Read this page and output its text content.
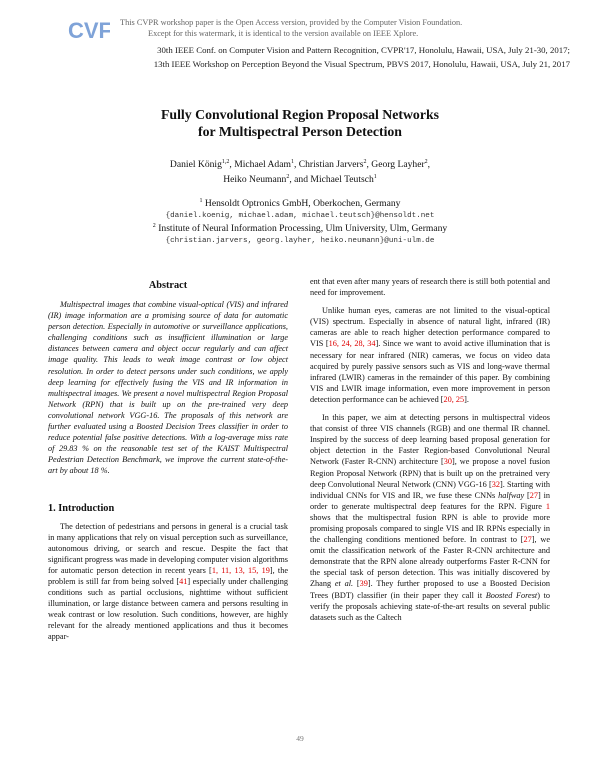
CVF This CVPR workshop paper is the Open Access version, provided by the Computer Vision Foundation.
Except for this watermark, it is identical to the version available on IEEE Xplore.
30th IEEE Conf. on Computer Vision and Pattern Recognition, CVPR'17, Honolulu, Hawaii, USA, July 21-30, 2017;
13th IEEE Workshop on Perception Beyond the Visual Spectrum, PBVS 2017, Honolulu, Hawaii, USA, July 21, 2017
Fully Convolutional Region Proposal Networks
for Multispectral Person Detection
Daniel König$^{1,2}$, Michael Adam$^1$, Christian Jarvers$^2$, Georg Layher$^2$,
Heiko Neumann$^2$, and Michael Teutsch$^1$
$^1$ Hensoldt Optronics GmbH, Oberkochen, Germany
{daniel.koenig, michael.adam, michael.teutsch}@hensoldt.net
$^2$ Institute of Neural Information Processing, Ulm University, Ulm, Germany
{christian.jarvers, georg.layher, heiko.neumann}@uni-ulm.de
Abstract

Multispectral images that combine visual-optical (VIS) and infrared (IR) image information are a promising source of data for automatic person detection. Especially in automotive or surveillance applications, challenging conditions such as insufficient illumination or large distances between camera and object occur regularly and can affect image quality. This leads to weak image contrast or low object resolution. In order to detect persons under such conditions, we apply deep learning for effectively fusing the VIS and IR information in multispectral images. We present a novel multispectral Region Proposal Network (RPN) that is built up on the pre-trained very deep convolutional network VGG-16. The proposals of this network are further evaluated using a Boosted Decision Trees classifier in order to reduce potential false positive detections. With a log-average miss rate of 29.83 % on the reasonable test set of the KAIST Multispectral Pedestrian Detection Benchmark, we improve the current state-of-the-art by about 18 %.

1. Introduction

The detection of pedestrians and persons in general is a crucial task in many applications that rely on visual perception such as surveillance, autonomous driving, or search and rescue. Despite the fact that significant progress was made in developing computer vision algorithms for automatic person detection in recent years [1, 11, 13, 15, 19], the problem is still far from being solved [41] especially under challenging conditions such as partial occlusions, nighttime without sufficient illumination, or large distance between camera and persons resulting in weak contrast or low resolution. Such conditions, however, are highly relevant for the already mentioned applications and thus it becomes appar-

ent that even after many years of research there is still both potential and need for improvement.

Unlike human eyes, cameras are not limited to the visual-optical (VIS) spectrum. Especially in absence of natural light, infrared (IR) cameras are able to reach higher detection performance compared to VIS [16, 24, 28, 34]. Since we want to avoid active illumination that is necessary for near infrared (NIR) cameras, we focus on video data acquired by purely passive sensors such as VIS and long-wave thermal infrared (LWIR) cameras in the remainder of this paper. By combining VIS and LWIR image information, even more improvement in person detection performance can be achieved [20, 25].

In this paper, we aim at detecting persons in multispectral videos that consist of three VIS channels (RGB) and one thermal IR channel. Inspired by the success of deep learning based proposal generation for object detection in the Faster Region-based Convolutional Neural Network (Faster R-CNN) architecture [30], we propose a novel fusion Region Proposal Network (RPN) that is built up on the pretrained very deep Convolutional Neural Network (CNN) VGG-16 [32]. Starting with individual CNNs for VIS and IR, we fuse these CNNs halfway [27] in order to generate multispectral deep features for the RPN. Figure 1 shows that the multispectral fusion RPN is able to provide more promising proposals compared to single VIS and IR RPNs especially in the challenging conditions mentioned before. In contrast to [27], we omit the classification network of the Faster R-CNN architecture and demonstrate that the RPN alone already outperforms Faster R-CNN for the special task of person detection. This was initially discovered by Zhang et al. [39]. They further proposed to use a Boosted Decision Trees (BDT) classifier (in their paper they call it Boosted Forest) to verify the proposals achieving state-of-the-art results on several public datasets such as the Caltech

49
